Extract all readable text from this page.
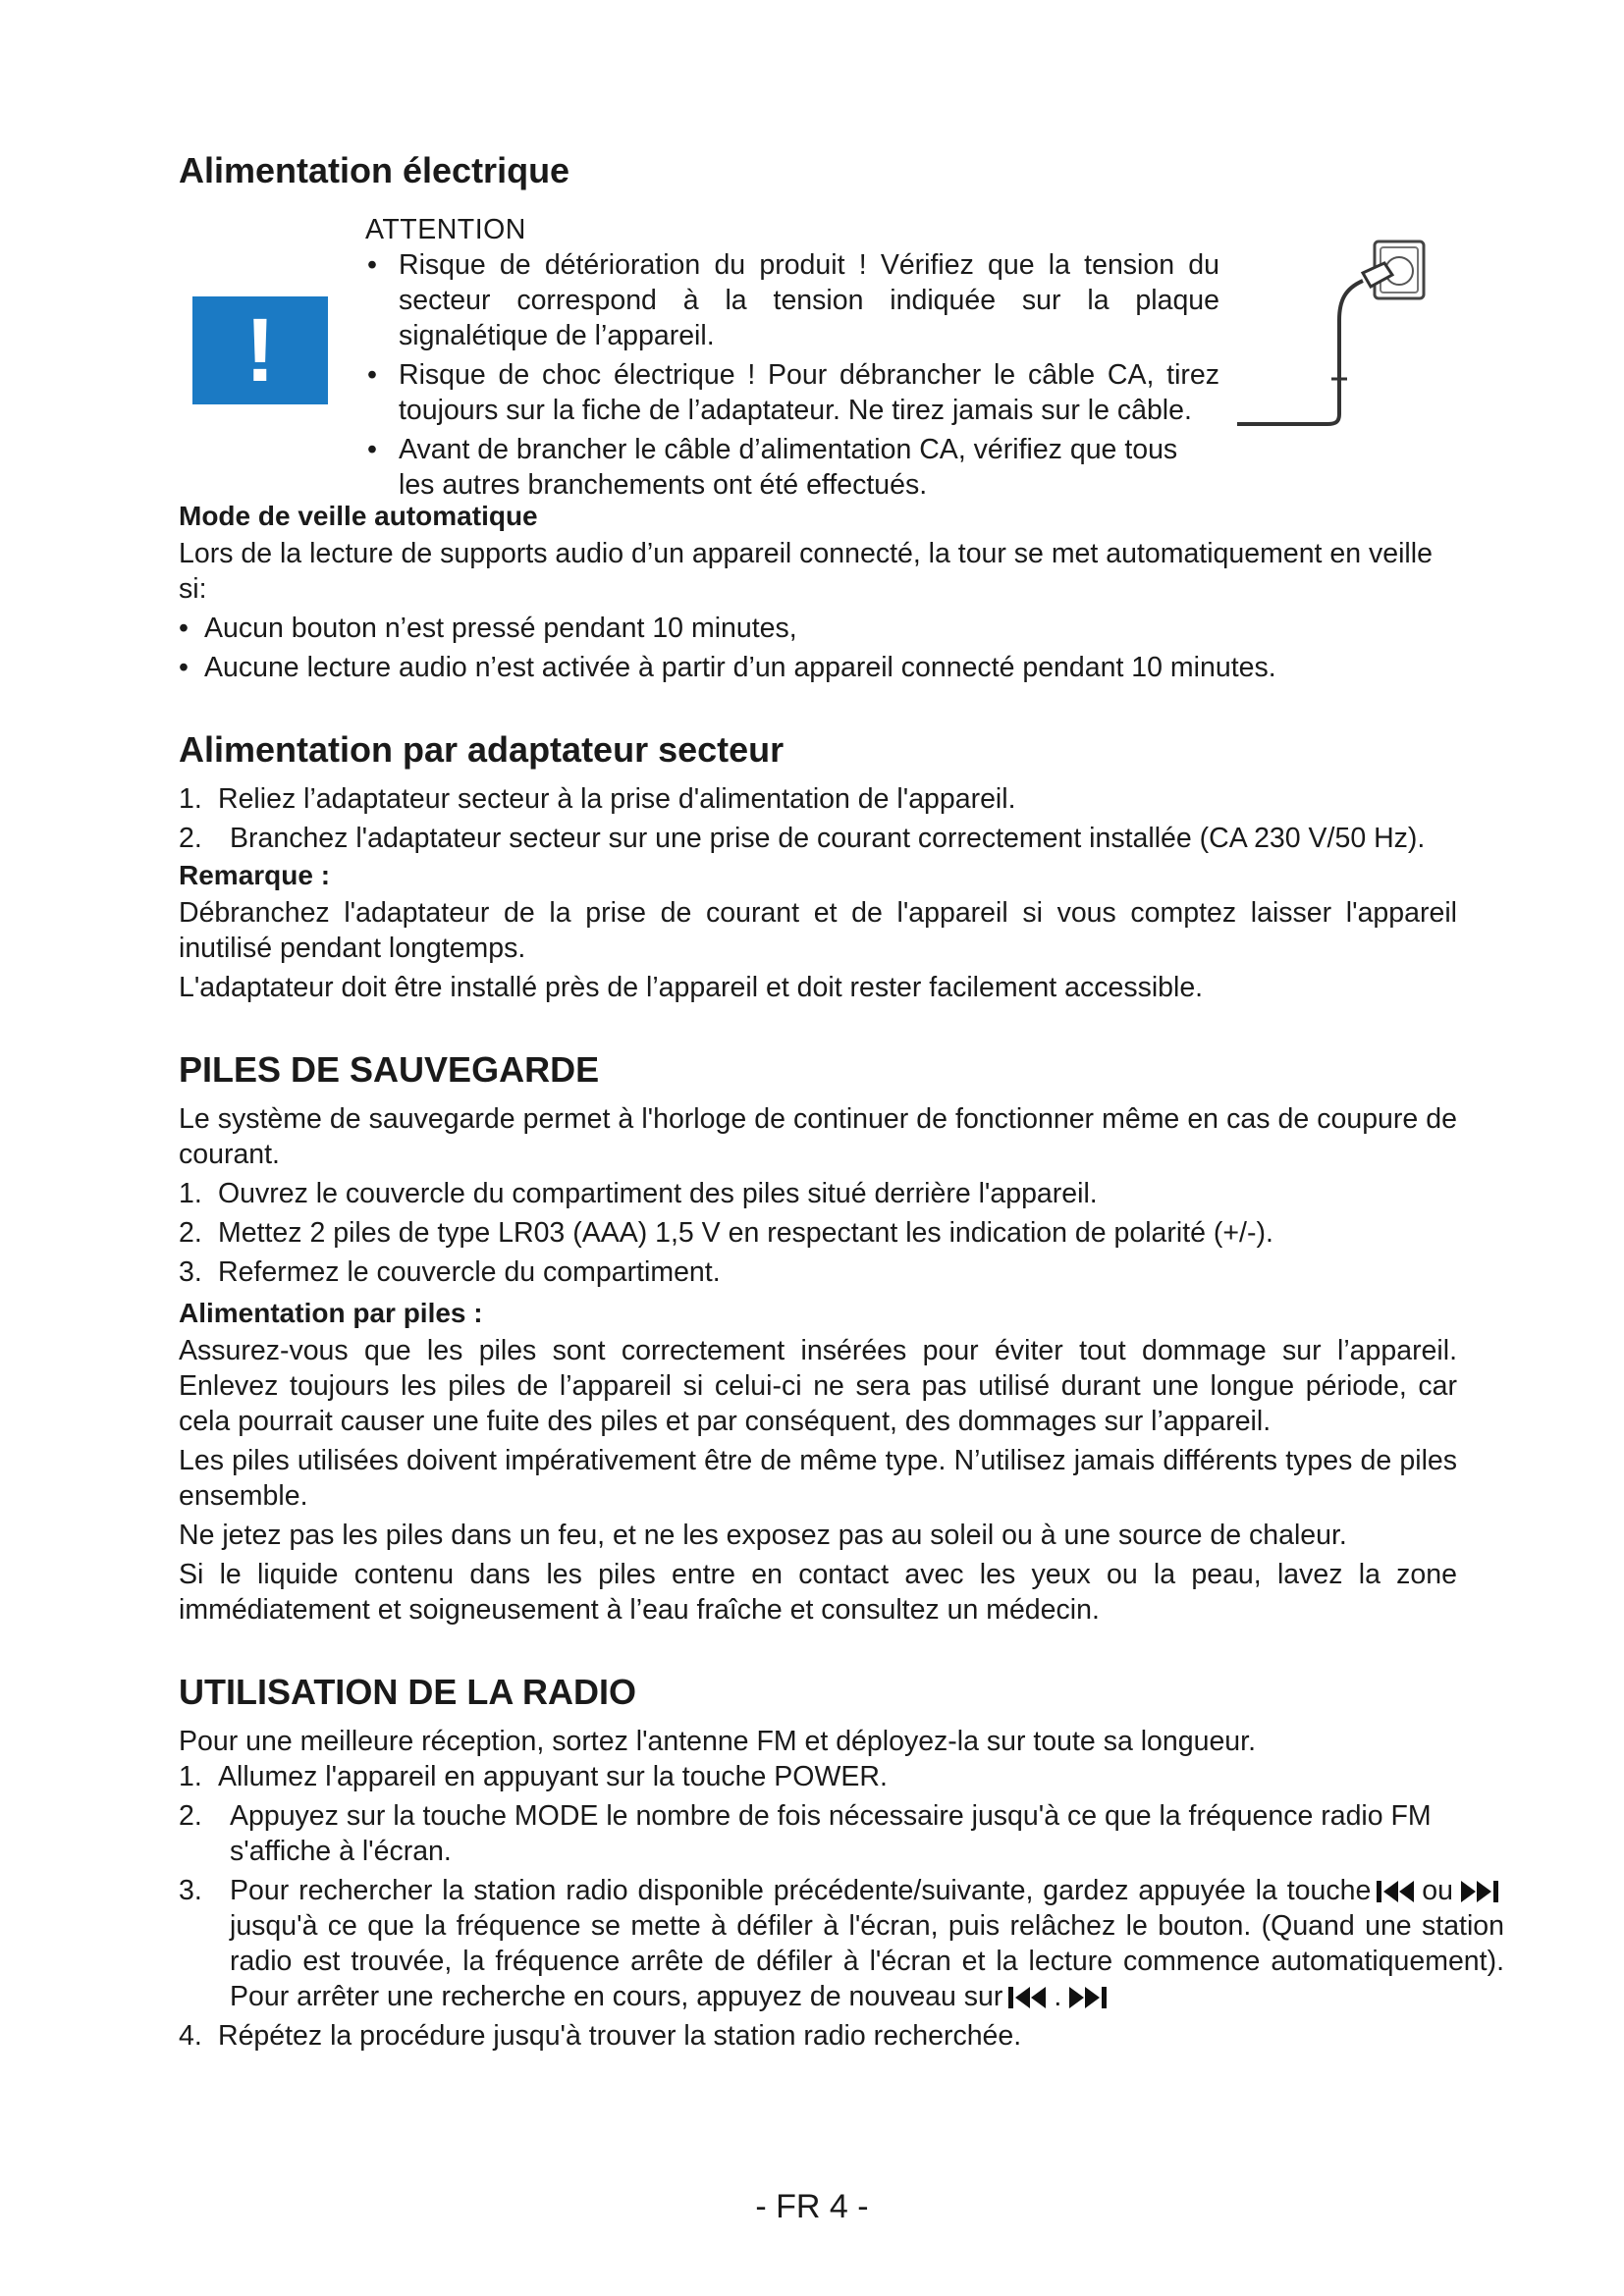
Alimentation électrique
!
ATTENTION
• Risque de détérioration du produit ! Vérifiez que la tension du secteur correspond à la tension indiquée sur la plaque signalétique de l’appareil.
• Risque de choc électrique ! Pour débrancher le câble CA, tirez toujours sur la fiche de l’adaptateur. Ne tirez jamais sur le câble.
• Avant de brancher le câble d’alimentation CA, vérifiez que tous les autres branchements ont été effectués.
Mode de veille automatique

Lors de la lecture de supports audio d’un appareil connecté, la tour se met automatiquement en veille si:

• Aucun bouton n’est pressé pendant 10 minutes,
• Aucune lecture audio n’est activée à partir d’un appareil connecté pendant 10 minutes.
Alimentation par adaptateur secteur
1. Reliez l’adaptateur secteur à la prise d'alimentation de l'appareil.
2. Branchez l'adaptateur secteur sur une prise de courant correctement installée (CA 230 V/50 Hz).
Remarque :

Débranchez l'adaptateur de la prise de courant et de l'appareil si vous comptez laisser l'appareil inutilisé pendant longtemps.

L'adaptateur doit être installé près de l’appareil et doit rester facilement accessible.

PILES DE SAUVEGARDE

Le système de sauvegarde permet à l'horloge de continuer de fonctionner même en cas de coupure de courant.

1. Ouvrez le couvercle du compartiment des piles situé derrière l'appareil.
2. Mettez 2 piles de type LR03 (AAA) 1,5 V en respectant les indication de polarité (+/-).
3. Refermez le couvercle du compartiment.
Alimentation par piles :

Assurez-vous que les piles sont correctement insérées pour éviter tout dommage sur l’appareil. Enlevez toujours les piles de l’appareil si celui-ci ne sera pas utilisé durant une longue période, car cela pourrait causer une fuite des piles et par conséquent, des dommages sur l’appareil.

Les piles utilisées doivent impérativement être de même type. N’utilisez jamais différents types de piles ensemble.

Ne jetez pas les piles dans un feu, et ne les exposez pas au soleil ou à une source de chaleur.

Si le liquide contenu dans les piles entre en contact avec les yeux ou la peau, lavez la zone immédiatement et soigneusement à l’eau fraîche et consultez un médecin.

UTILISATION DE LA RADIO

Pour une meilleure réception, sortez l'antenne FM et déployez-la sur toute sa longueur.

1. Allumez l'appareil en appuyant sur la touche POWER.
2. Appuyez sur la touche MODE le nombre de fois nécessaire jusqu'à ce que la fréquence radio FM s'affiche à l'écran.
3. Pour rechercher la station radio disponible précédente/suivante, gardez appuyée la touche oujusqu'à ce que la fréquence se mette à défiler à l'écran, puis relâchez le bouton. (Quand une station radio est trouvée, la fréquence arrête de défiler à l'écran et la lecture commence automatiquement). Pour arrêter une recherche en cours, appuyez de nouveau sur .
4. Répétez la procédure jusqu'à trouver la station radio recherchée.
- FR 4 -
